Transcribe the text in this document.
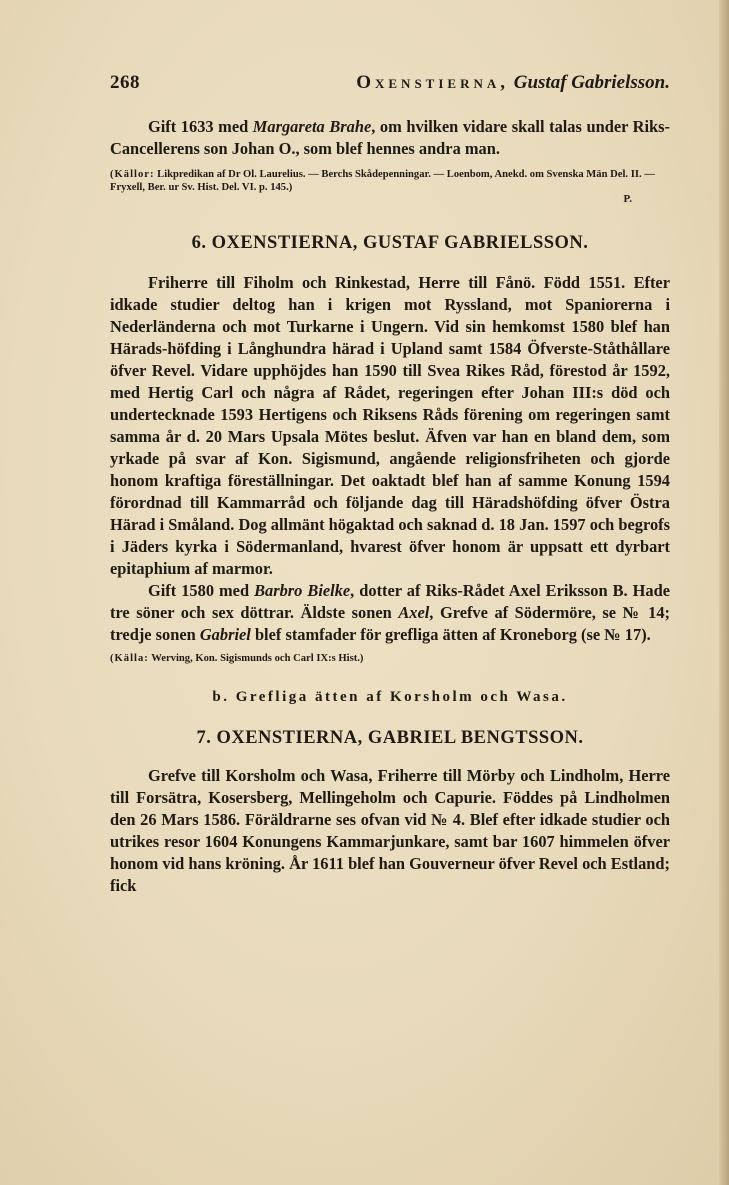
268	Oxenstierna, Gustaf Gabrielsson.

Gift 1633 med Margareta Brahe, om hvilken vidare skall talas under Riks-Cancellerens son Johan O., som blef hennes andra man.

(Källor: Likpredikan af Dr Ol. Laurelius. — Berchs Skådepenningar. — Loenbom, Anekd. om Svenska Män Del. II. — Fryxell, Ber. ur Sv. Hist. Del. VI. p. 145.)
P.
6. OXENSTIERNA, GUSTAF GABRIELSSON.

Friherre till Fiholm och Rinkestad, Herre till Fånö. Född 1551. Efter idkade studier deltog han i krigen mot Ryssland, mot Spaniorerna i Nederländerna och mot Turkarne i Ungern. Vid sin hemkomst 1580 blef han Härads-höfding i Långhundra härad i Upland samt 1584 Öfverste-Ståthållare öfver Revel. Vidare upphöjdes han 1590 till Svea Rikes Råd, förestod år 1592, med Hertig Carl och några af Rådet, regeringen efter Johan III:s död och undertecknade 1593 Hertigens och Riksens Råds förening om regeringen samt samma år d. 20 Mars Upsala Mötes beslut. Äfven var han en bland dem, som yrkade på svar af Kon. Sigismund, angående religionsfriheten och gjorde honom kraftiga föreställningar. Det oaktadt blef han af samme Konung 1594 förordnad till Kammarråd och följande dag till Häradshöfding öfver Östra Härad i Småland. Dog allmänt högaktad och saknad d. 18 Jan. 1597 och begrofs i Jäders kyrka i Södermanland, hvarest öfver honom är uppsatt ett dyrbart epitaphium af marmor.

Gift 1580 med Barbro Bielke, dotter af Riks-Rådet Axel Eriksson B. Hade tre söner och sex döttrar. Äldste sonen Axel, Grefve af Södermöre, se № 14; tredje sonen Gabriel blef stamfader för grefliga ätten af Kroneborg (se № 17).

(Källa: Werving, Kon. Sigismunds och Carl IX:s Hist.)
b. Grefliga ätten af Korsholm och Wasa.
7. OXENSTIERNA, GABRIEL BENGTSSON.

Grefve till Korsholm och Wasa, Friherre till Mörby och Lindholm, Herre till Forsätra, Kosersberg, Mellingeholm och Capurie. Föddes på Lindholmen den 26 Mars 1586. Föräldrarne ses ofvan vid № 4. Blef efter idkade studier och utrikes resor 1604 Konungens Kammarjunkare, samt bar 1607 himmelen öfver honom vid hans kröning. År 1611 blef han Gouverneur öfver Revel och Estland; fick
